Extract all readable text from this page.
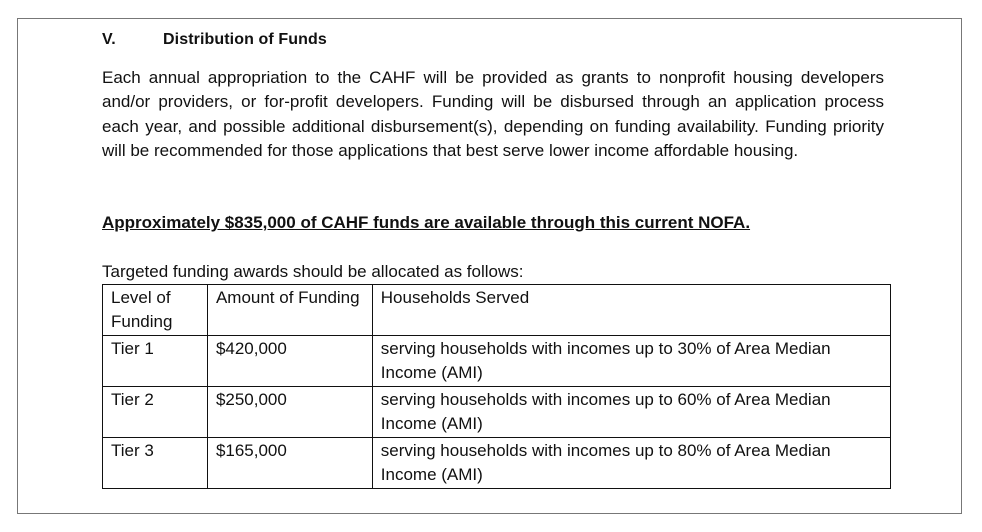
V.	Distribution of Funds
Each annual appropriation to the CAHF will be provided as grants to nonprofit housing developers and/or providers, or for-profit developers. Funding will be disbursed through an application process each year, and possible additional disbursement(s), depending on funding availability. Funding priority will be recommended for those applications that best serve lower income affordable housing.
Approximately $835,000 of CAHF funds are available through this current NOFA.
Targeted funding awards should be allocated as follows:
Level of Funding	Amount of Funding	Households Served
Tier 1	$420,000	serving households with incomes up to 30% of Area Median Income (AMI)
Tier 2	$250,000	serving households with incomes up to 60% of Area Median Income (AMI)
Tier 3	$165,000	serving households with incomes up to 80% of Area Median Income (AMI)
